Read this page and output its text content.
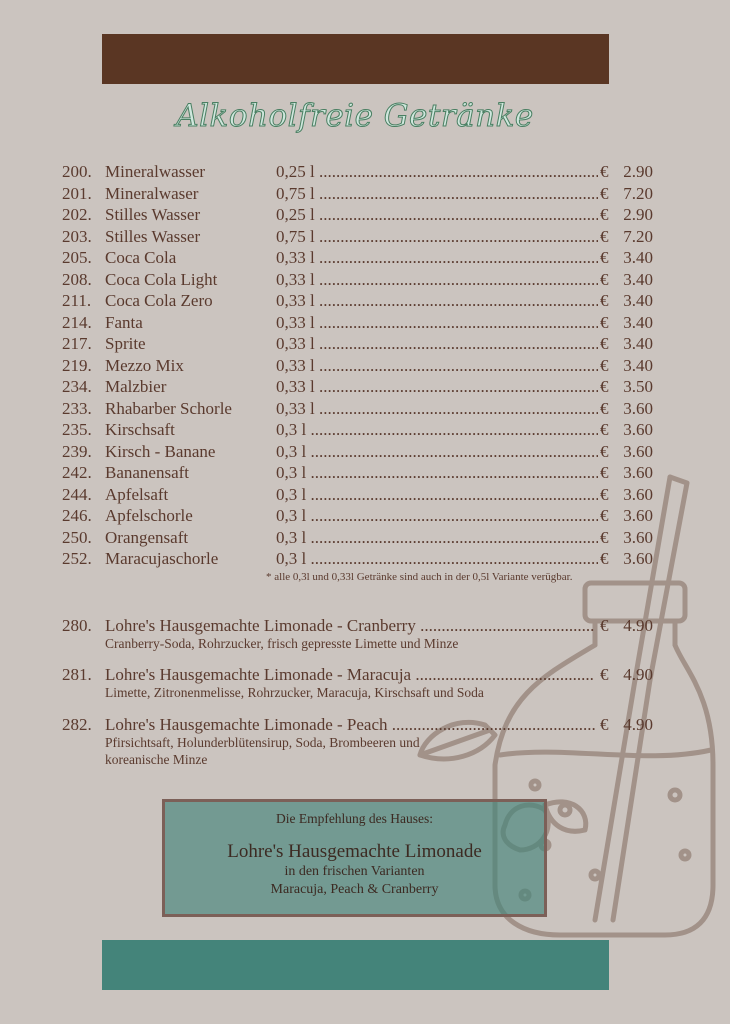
Alkoholfreie Getränke
200. Mineralwasser	0,25 l .....	€ 2.90
201. Mineralwaser	0,75 l .....	€ 7.20
202. Stilles Wasser	0,25 l .....	€ 2.90
203. Stilles Wasser	0,75 l .....	€ 7.20
205. Coca Cola	0,33 l .....	€ 3.40
208. Coca Cola Light	0,33 l .....	€ 3.40
211. Coca Cola Zero	0,33 l .....	€ 3.40
214. Fanta	0,33 l .....	€ 3.40
217. Sprite	0,33 l .....	€ 3.40
219. Mezzo Mix	0,33 l .....	€ 3.40
234. Malzbier	0,33 l .....	€ 3.50
233. Rhabarber Schorle	0,33 l .....	€ 3.60
235. Kirschsaft	0,3 l .....	€ 3.60
239. Kirsch - Banane	0,3 l .....	€ 3.60
242. Bananensaft	0,3 l .....	€ 3.60
244. Apfelsaft	0,3 l .....	€ 3.60
246. Apfelschorle	0,3 l .....	€ 3.60
250. Orangensaft	0,3 l .....	€ 3.60
252. Maracujaschorle	0,3 l .....	€ 3.60
* alle 0,3l und 0,33l Getränke sind auch in der 0,5l Variante verügbar.
280. Lohre's Hausgemachte Limonade - Cranberry .....	€ 4.90
Cranberry-Soda, Rohrzucker, frisch gepresste Limette und Minze
281. Lohre's Hausgemachte Limonade - Maracuja .....	€ 4.90
Limette, Zitronenmelisse, Rohrzucker, Maracuja, Kirschsaft und Soda
282. Lohre's Hausgemachte Limonade - Peach .....	€ 4.90
Pfirsichtsaft, Holunderblütensirup, Soda, Brombeeren und
koreanische Minze
Die Empfehlung des Hauses:
Lohre's Hausgemachte Limonade
in den frischen Varianten
Maracuja, Peach & Cranberry
